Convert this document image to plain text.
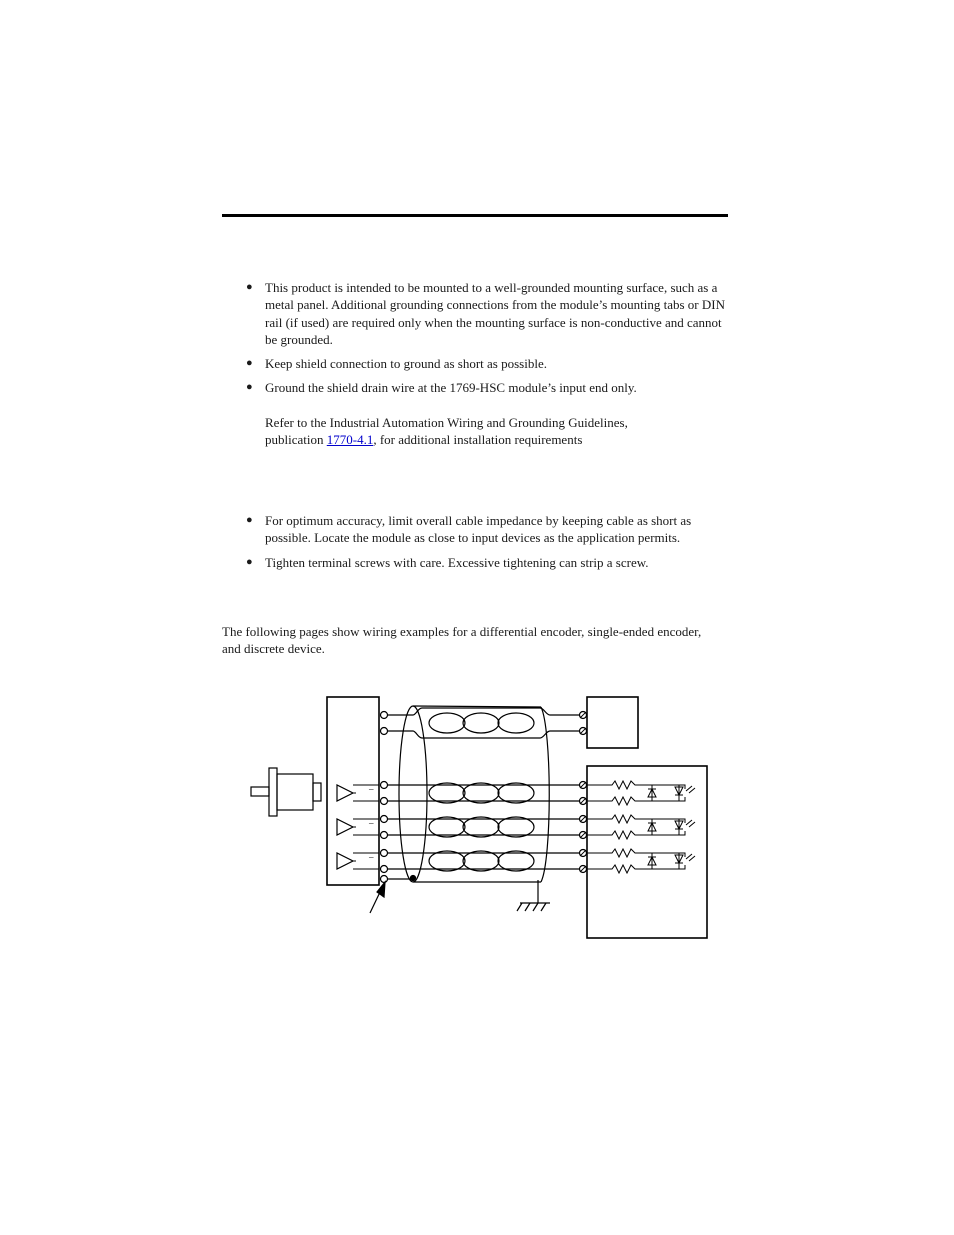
● This product is intended to be mounted to a well-grounded mounting surface, such as a metal panel. Additional grounding connections from the module’s mounting tabs or DIN rail (if used) are required only when the mounting surface is non-conductive and cannot be grounded.
● Keep shield connection to ground as short as possible.
● Ground the shield drain wire at the 1769-HSC module’s input end only.

Refer to the Industrial Automation Wiring and Grounding Guidelines,
publication 1770-4.1, for additional installation requirements

● For optimum accuracy, limit overall cable impedance by keeping cable as short as possible. Locate the module as close to input devices as the application permits.
● Tighten terminal screws with care. Excessive tightening can strip a screw.

The following pages show wiring examples for a differential encoder, single-ended encoder, and discrete device.

–
–
–
